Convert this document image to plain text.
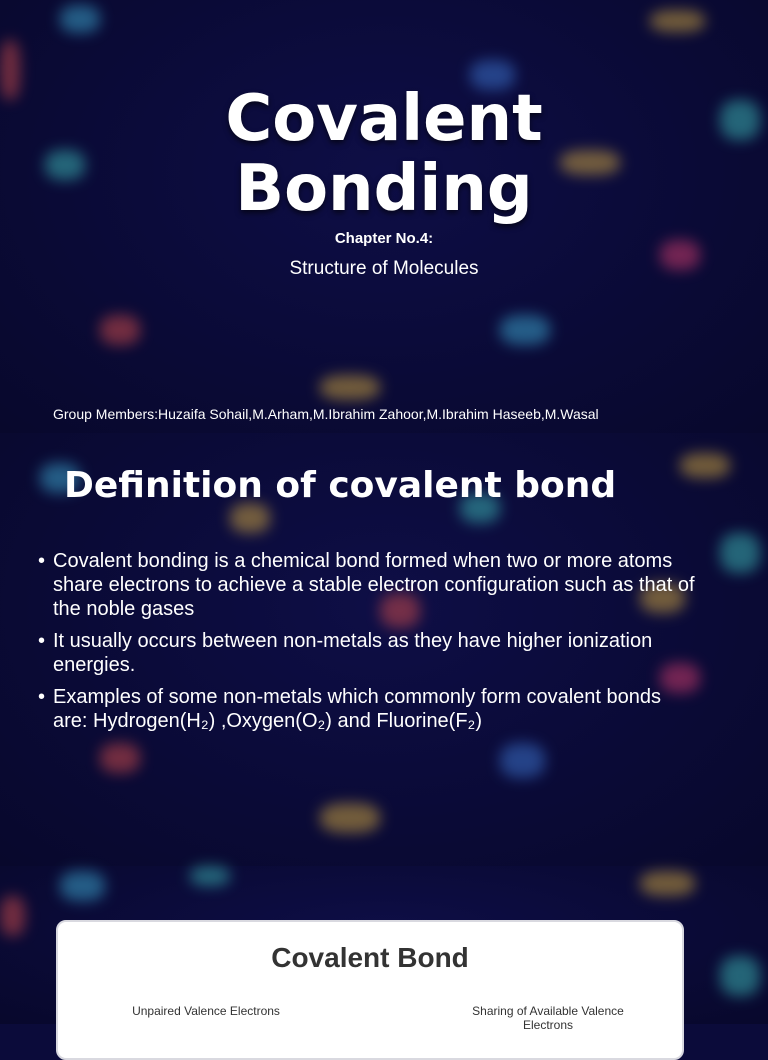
Covalent
Bonding
Chapter No.4:
Structure of Molecules
Group Members:Huzaifa Sohail,M.Arham,M.Ibrahim Zahoor,M.Ibrahim Haseeb,M.Wasal
Definition of covalent bond
• Covalent bonding is a chemical bond formed when two or more atoms share electrons to achieve a stable electron configuration such as that of the noble gases
• It usually occurs between non-metals as they have higher ionization energies.
• Examples of some non-metals which commonly form covalent bonds are: Hydrogen(H₂) ,Oxygen(O₂) and Fluorine(F₂)
Covalent Bond
Unpaired Valence Electrons	Sharing of Available Valence Electrons
